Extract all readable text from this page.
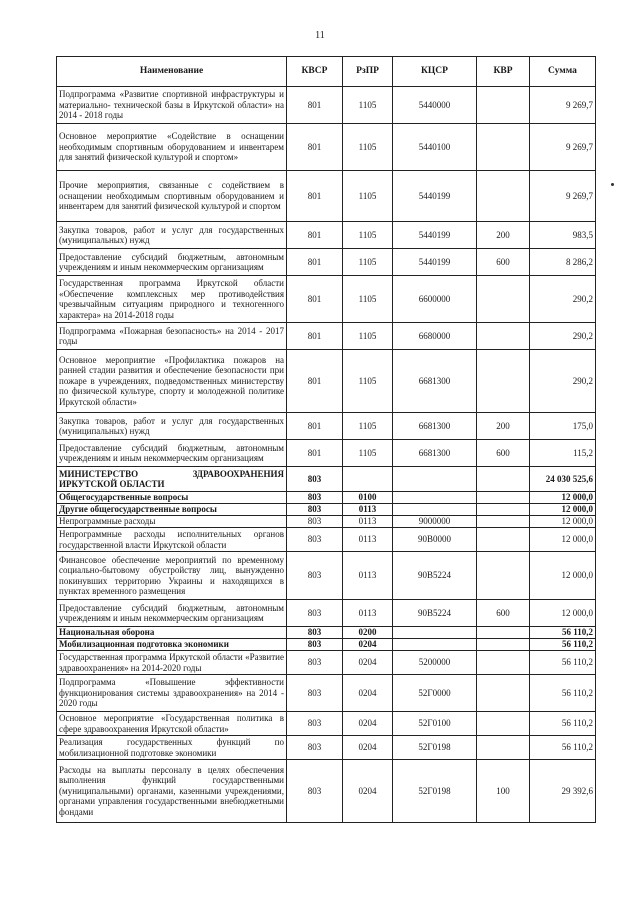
11
Наименование	КВСР	РзПР	КЦСР	КВР	Сумма
Подпрограмма «Развитие спортивной инфраструктуры и материально- технической базы в Иркутской области» на 2014 - 2018 годы	801	1105	5440000		9 269,7
Основное мероприятие «Содействие в оснащении необходимым спортивным оборудованием и инвентарем для занятий физической культурой и спортом»	801	1105	5440100		9 269,7
Прочие мероприятия, связанные с содействием в оснащении необходимым спортивным оборудованием и инвентарем для занятий физической культурой и спортом	801	1105	5440199		9 269,7
Закупка товаров, работ и услуг для государственных (муниципальных) нужд	801	1105	5440199	200	983,5
Предоставление субсидий бюджетным, автономным учреждениям и иным некоммерческим организациям	801	1105	5440199	600	8 286,2
Государственная программа Иркутской области «Обеспечение комплексных мер противодействия чрезвычайным ситуациям природного и техногенного характера» на 2014-2018 годы	801	1105	6600000		290,2
Подпрограмма «Пожарная безопасность» на 2014 - 2017 годы	801	1105	6680000		290,2
Основное мероприятие «Профилактика пожаров на ранней стадии развития и обеспечение безопасности при пожаре в учреждениях, подведомственных министерству по физической культуре, спорту и молодежной политике Иркутской области»	801	1105	6681300		290,2
Закупка товаров, работ и услуг для государственных (муниципальных) нужд	801	1105	6681300	200	175,0
Предоставление субсидий бюджетным, автономным учреждениям и иным некоммерческим организациям	801	1105	6681300	600	115,2
МИНИСТЕРСТВО ЗДРАВООХРАНЕНИЯ ИРКУТСКОЙ ОБЛАСТИ	803				24 030 525,6
Общегосударственные вопросы	803	0100			12 000,0
Другие общегосударственные вопросы	803	0113			12 000,0
Непрограммные расходы	803	0113	9000000		12 000,0
Непрограммные расходы исполнительных органов государственной власти Иркутской области	803	0113	90В0000		12 000,0
Финансовое обеспечение мероприятий по временному социально-бытовому обустройству лиц, вынужденно покинувших территорию Украины и находящихся в пунктах временного размещения	803	0113	90В5224		12 000,0
Предоставление субсидий бюджетным, автономным учреждениям и иным некоммерческим организациям	803	0113	90В5224	600	12 000,0
Национальная оборона	803	0200			56 110,2
Мобилизационная подготовка экономики	803	0204			56 110,2
Государственная программа Иркутской области «Развитие здравоохранения» на 2014-2020 годы	803	0204	5200000		56 110,2
Подпрограмма «Повышение эффективности функционирования системы здравоохранения» на 2014 - 2020 годы	803	0204	52Г0000		56 110,2
Основное мероприятие «Государственная политика в сфере здравоохранения Иркутской области»	803	0204	52Г0100		56 110,2
Реализация государственных функций по мобилизационной подготовке экономики	803	0204	52Г0198		56 110,2
Расходы на выплаты персоналу в целях обеспечения выполнения функций государственными (муниципальными) органами, казенными учреждениями, органами управления государственными внебюджетными фондами	803	0204	52Г0198	100	29 392,6
